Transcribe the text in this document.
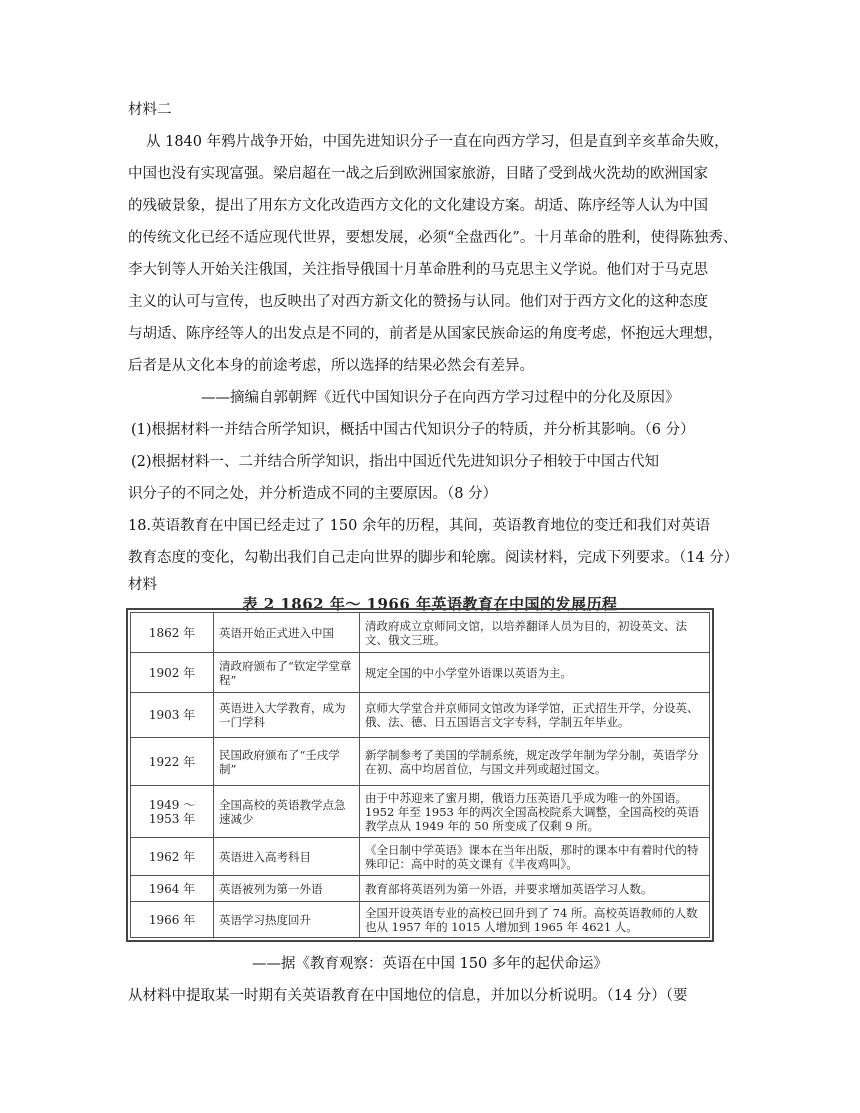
材料二
从 1840 年鸦片战争开始，中国先进知识分子一直在向西方学习，但是直到辛亥革命失败，
中国也没有实现富强。梁启超在一战之后到欧洲国家旅游，目睹了受到战火洗劫的欧洲国家
的残破景象，提出了用东方文化改造西方文化的文化建设方案。胡适、陈序经等人认为中国
的传统文化已经不适应现代世界，要想发展，必须“全盘西化”。十月革命的胜利，使得陈独秀、
李大钊等人开始关注俄国，关注指导俄国十月革命胜利的马克思主义学说。他们对于马克思
主义的认可与宣传，也反映出了对西方新文化的赞扬与认同。他们对于西方文化的这种态度
与胡适、陈序经等人的出发点是不同的，前者是从国家民族命运的角度考虑，怀抱远大理想，
后者是从文化本身的前途考虑，所以选择的结果必然会有差异。
——摘编自郭朝辉《近代中国知识分子在向西方学习过程中的分化及原因》
(1)根据材料一并结合所学知识，概括中国古代知识分子的特质，并分析其影响。（6 分）
(2)根据材料一、二并结合所学知识，指出中国近代先进知识分子相较于中国古代知
识分子的不同之处，并分析造成不同的主要原因。（8 分）
18.英语教育在中国已经走过了 150 余年的历程，其间，英语教育地位的变迁和我们对英语
教育态度的变化，勾勒出我们自己走向世界的脚步和轮廓。阅读材料，完成下列要求。（14 分）
材料
表 2 1862 年～ 1966 年英语教育在中国的发展历程
1862 年	英语开始正式进入中国	清政府成立京师同文馆，以培养翻译人员为目的，初设英文、法文、俄文三班。
1902 年	清政府颁布了“钦定学堂章程”	规定全国的中小学堂外语课以英语为主。
1903 年	英语进入大学教育，成为一门学科	京师大学堂合并京师同文馆改为译学馆，正式招生开学，分设英、俄、法、德、日五国语言文字专科，学制五年毕业。
1922 年	民国政府颁布了“壬戌学制”	新学制参考了美国的学制系统，规定改学年制为学分制，英语学分在初、高中均居首位，与国文并列或超过国文。
1949 ～ 1953 年	全国高校的英语教学点急速减少	由于中苏迎来了蜜月期，俄语力压英语几乎成为唯一的外国语。1952 年至 1953 年的两次全国高校院系大调整，全国高校的英语教学点从 1949 年的 50 所变成了仅剩 9 所。
1962 年	英语进入高考科目	《全日制中学英语》课本在当年出版，那时的课本中有着时代的特殊印记：高中时的英文课有《半夜鸡叫》。
1964 年	英语被列为第一外语	教育部将英语列为第一外语，并要求增加英语学习人数。
1966 年	英语学习热度回升	全国开设英语专业的高校已回升到了 74 所。高校英语教师的人数也从 1957 年的 1015 人增加到 1965 年 4621 人。
——据《教育观察：英语在中国 150 多年的起伏命运》
从材料中提取某一时期有关英语教育在中国地位的信息，并加以分析说明。（14 分）（要
